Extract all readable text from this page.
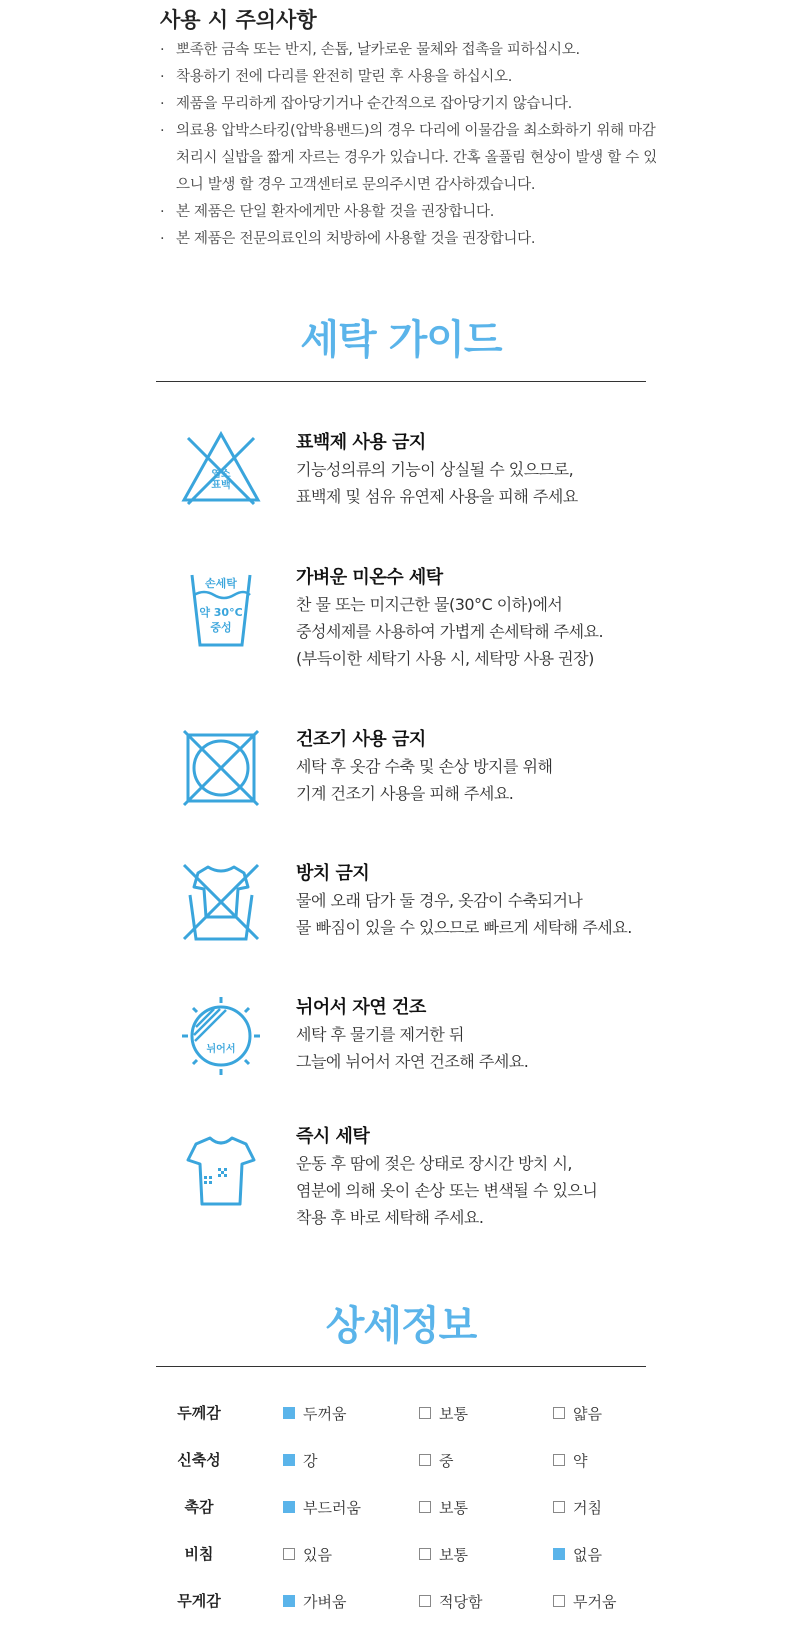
사용 시 주의사항
· 뽀족한 금속 또는 반지, 손톱, 날카로운 물체와 접촉을 피하십시오.
· 착용하기 전에 다리를 완전히 말린 후 사용을 하십시오.
· 제품을 무리하게 잡아당기거나 순간적으로 잡아당기지 않습니다.
· 의료용 압박스타킹(압박용밴드)의 경우 다리에 이물감을 최소화하기 위해 마감 처리시 실밥을 짧게 자르는 경우가 있습니다. 간혹 올풀림 현상이 발생 할 수 있으니 발생 할 경우 고객센터로 문의주시면 감사하겠습니다.
· 본 제품은 단일 환자에게만 사용할 것을 권장합니다.
· 본 제품은 전문의료인의 처방하에 사용할 것을 권장합니다.
세탁 가이드
염소
표백
표백제 사용 금지
기능성의류의 기능이 상실될 수 있으므로,
표백제 및 섬유 유연제 사용을 피해 주세요
손세탁
약 30°C
중성
가벼운 미온수 세탁
찬 물 또는 미지근한 물(30°C 이하)에서
중성세제를 사용하여 가볍게 손세탁해 주세요.
(부득이한 세탁기 사용 시, 세탁망 사용 권장)
건조기 사용 금지
세탁 후 옷감 수축 및 손상 방지를 위해
기계 건조기 사용을 피해 주세요.
방치 금지
물에 오래 담가 둘 경우, 옷감이 수축되거나
물 빠짐이 있을 수 있으므로 빠르게 세탁해 주세요.
뉘어서
뉘어서 자연 건조
세탁 후 물기를 제거한 뒤
그늘에 뉘어서 자연 건조해 주세요.
즉시 세탁
운동 후 땀에 젖은 상태로 장시간 방치 시,
염분에 의해 옷이 손상 또는 변색될 수 있으니
착용 후 바로 세탁해 주세요.
상세정보
두께감	두꺼움	보통	얇음
신축성	강	중	약
촉감	부드러움	보통	거침
비침	있음	보통	없음
무게감	가벼움	적당함	무거움
